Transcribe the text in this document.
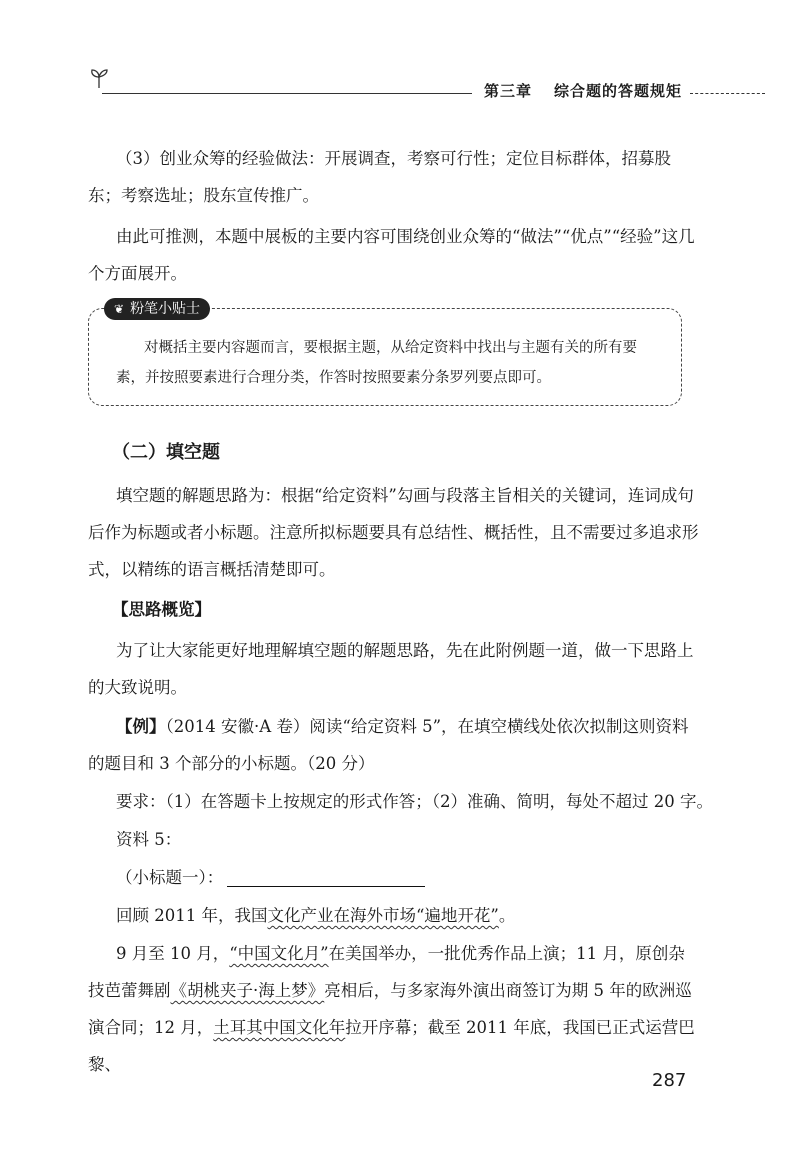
第三章 综合题的答题规矩
（3）创业众筹的经验做法：开展调查，考察可行性；定位目标群体，招募股东；考察选址；股东宣传推广。
由此可推测，本题中展板的主要内容可围绕创业众筹的“做法”“优点”“经验”这几个方面展开。
❦ 粉笔小贴士
对概括主要内容题而言，要根据主题，从给定资料中找出与主题有关的所有要素，并按照要素进行合理分类，作答时按照要素分条罗列要点即可。
（二）填空题
填空题的解题思路为：根据“给定资料”勾画与段落主旨相关的关键词，连词成句后作为标题或者小标题。注意所拟标题要具有总结性、概括性，且不需要过多追求形式，以精练的语言概括清楚即可。
【思路概览】
为了让大家能更好地理解填空题的解题思路，先在此附例题一道，做一下思路上的大致说明。
【例】（2014 安徽·A 卷）阅读“给定资料 5”，在填空横线处依次拟制这则资料的题目和 3 个部分的小标题。（20 分）
要求：（1）在答题卡上按规定的形式作答；（2）准确、简明，每处不超过 20 字。
资料 5：
（小标题一）：
回顾 2011 年，我国文化产业在海外市场“遍地开花”。
9 月至 10 月，“中国文化月”在美国举办，一批优秀作品上演；11 月，原创杂技芭蕾舞剧《胡桃夹子·海上梦》亮相后，与多家海外演出商签订为期 5 年的欧洲巡演合同；12 月，土耳其中国文化年拉开序幕；截至 2011 年底，我国已正式运营巴黎、
287
